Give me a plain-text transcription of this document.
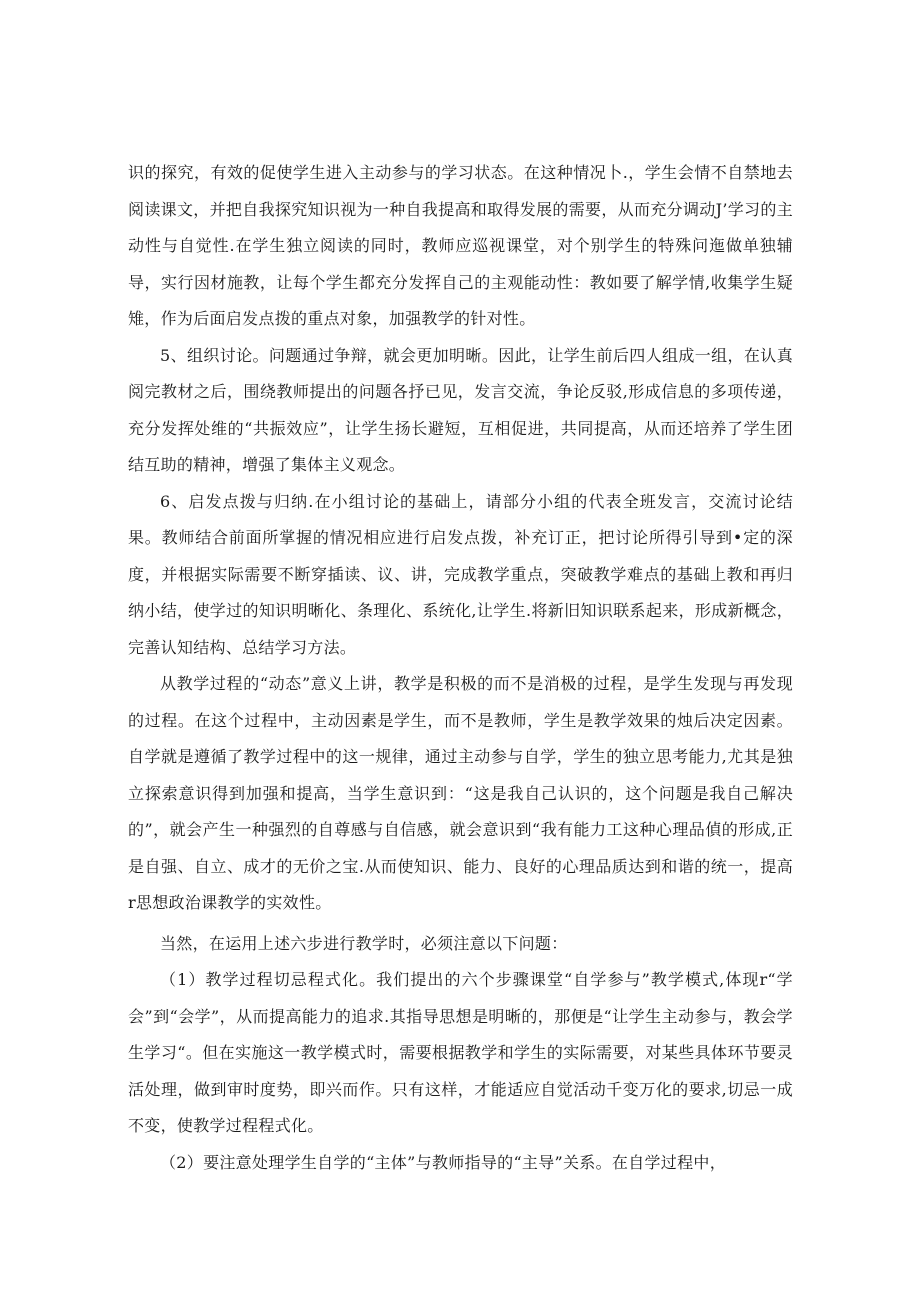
识的探究，有效的促使学生进入主动参与的学习状态。在这种情况卜.，学生会情不自禁地去阅读课文，并把自我探究知识视为一种自我提高和取得发展的需要，从而充分调动J’学习的主动性与自觉性.在学生独立阅读的同时，教师应巡视课堂，对个别学生的特殊问迤做单独辅导，实行因材施教，让每个学生都充分发挥自己的主观能动性：教如要了解学情,收集学生疑雉，作为后面启发点拨的重点对象，加强教学的针对性。

5、组织讨论。问题通过争辩，就会更加明晰。因此，让学生前后四人组成一组，在认真阅完教材之后，围绕教师提出的问题各抒已见，发言交流，争论反驳,形成信息的多项传递，充分发挥处维的“共振效应”，让学生扬长避短，互相促进，共同提高，从而还培养了学生团结互助的精神，增强了集体主义观念。

6、启发点拨与归纳.在小组讨论的基础上，请部分小组的代表全班发言，交流讨论结果。教师结合前面所掌握的情况相应进行启发点拨，补充订正，把讨论所得引导到•定的深度，并根据实际需要不断穿插读、议、讲，完成教学重点，突破教学难点的基础上教和再归纳小结，使学过的知识明晰化、条理化、系统化,让学生.将新旧知识联系起来，形成新概念，完善认知结构、总结学习方法。

从教学过程的“动态”意义上讲，教学是积极的而不是消极的过程，是学生发现与再发现的过程。在这个过程中，主动因素是学生，而不是教师，学生是教学效果的烛后决定因素。自学就是遵循了教学过程中的这一规律，通过主动参与自学，学生的独立思考能力,尤其是独立探索意识得到加强和提高，当学生意识到：“这是我自己认识的，这个问题是我自己解决的”，就会产生一种强烈的自尊感与自信感，就会意识到“我有能力工这种心理品偵的形成,正是自强、自立、成才的无价之宝.从而使知识、能力、良好的心理品质达到和谐的统一，提高r思想政治课教学的实效性。

当然，在运用上述六步进行教学时，必须注意以下问题：

（1）教学过程切忌程式化。我们提出的六个步骤课堂“自学参与”教学模式,体现r“学会”到“会学”，从而提高能力的追求.其指导思想是明晰的，那便是“让学生主动参与，教会学生学习“。但在实施这一教学模式时，需要根据教学和学生的实际需要，对某些具体环节要灵活处理，做到审时度势，即兴而作。只有这样，才能适应自觉活动千变万化的要求,切忌一成不变，使教学过程程式化。

（2）要注意处理学生自学的“主体”与教师指导的“主导”关系。在自学过程中，
